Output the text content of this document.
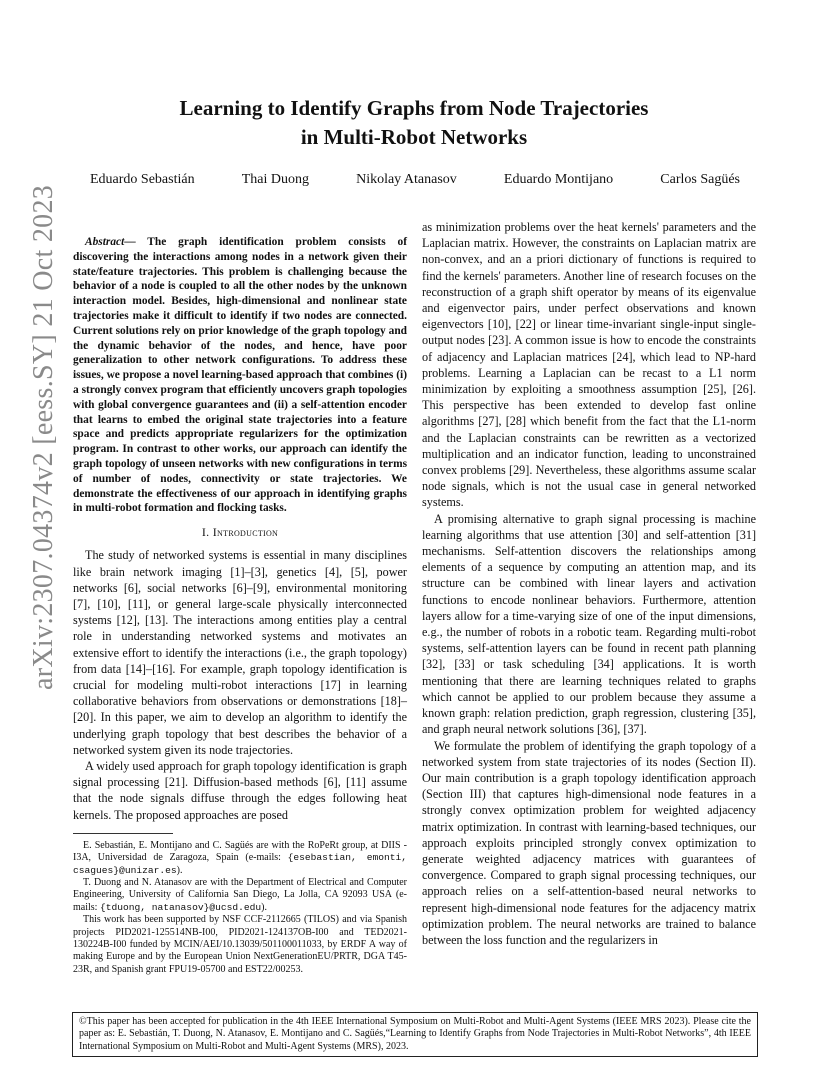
arXiv:2307.04374v2 [eess.SY] 21 Oct 2023
Learning to Identify Graphs from Node Trajectories
in Multi-Robot Networks
Eduardo Sebastián	Thai Duong	Nikolay Atanasov	Eduardo Montijano	Carlos Sagüés

Abstract— The graph identification problem consists of discovering the interactions among nodes in a network given their state/feature trajectories. This problem is challenging because the behavior of a node is coupled to all the other nodes by the unknown interaction model. Besides, high-dimensional and nonlinear state trajectories make it difficult to identify if two nodes are connected. Current solutions rely on prior knowledge of the graph topology and the dynamic behavior of the nodes, and hence, have poor generalization to other network configurations. To address these issues, we propose a novel learning-based approach that combines (i) a strongly convex program that efficiently uncovers graph topologies with global convergence guarantees and (ii) a self-attention encoder that learns to embed the original state trajectories into a feature space and predicts appropriate regularizers for the optimization program. In contrast to other works, our approach can identify the graph topology of unseen networks with new configurations in terms of number of nodes, connectivity or state trajectories. We demonstrate the effectiveness of our approach in identifying graphs in multi-robot formation and flocking tasks.

I. Introduction

The study of networked systems is essential in many disciplines like brain network imaging [1]–[3], genetics [4], [5], power networks [6], social networks [6]–[9], environmental monitoring [7], [10], [11], or general large-scale physically interconnected systems [12], [13]. The interactions among entities play a central role in understanding networked systems and motivates an extensive effort to identify the interactions (i.e., the graph topology) from data [14]–[16]. For example, graph topology identification is crucial for modeling multi-robot interactions [17] in learning collaborative behaviors from observations or demonstrations [18]–[20]. In this paper, we aim to develop an algorithm to identify the underlying graph topology that best describes the behavior of a networked system given its node trajectories.

A widely used approach for graph topology identification is graph signal processing [21]. Diffusion-based methods [6], [11] assume that the node signals diffuse through the edges following heat kernels. The proposed approaches are posed

E. Sebastián, E. Montijano and C. Sagüés are with the RoPeRt group, at DIIS - I3A, Universidad de Zaragoza, Spain (e-mails: {esebastian, emonti, csagues}@unizar.es).

T. Duong and N. Atanasov are with the Department of Electrical and Computer Engineering, University of California San Diego, La Jolla, CA 92093 USA (e-mails: {tduong, natanasov}@ucsd.edu).

This work has been supported by NSF CCF-2112665 (TILOS) and via Spanish projects PID2021-125514NB-I00, PID2021-124137OB-I00 and TED2021-130224B-I00 funded by MCIN/AEI/10.13039/501100011033, by ERDF A way of making Europe and by the European Union NextGenerationEU/PRTR, DGA T45-23R, and Spanish grant FPU19-05700 and EST22/00253.

as minimization problems over the heat kernels' parameters and the Laplacian matrix. However, the constraints on Laplacian matrix are non-convex, and an a priori dictionary of functions is required to find the kernels' parameters. Another line of research focuses on the reconstruction of a graph shift operator by means of its eigenvalue and eigenvector pairs, under perfect observations and known eigenvectors [10], [22] or linear time-invariant single-input single-output nodes [23]. A common issue is how to encode the constraints of adjacency and Laplacian matrices [24], which lead to NP-hard problems. Learning a Laplacian can be recast to a L1 norm minimization by exploiting a smoothness assumption [25], [26]. This perspective has been extended to develop fast online algorithms [27], [28] which benefit from the fact that the L1-norm and the Laplacian constraints can be rewritten as a vectorized multiplication and an indicator function, leading to unconstrained convex problems [29]. Nevertheless, these algorithms assume scalar node signals, which is not the usual case in general networked systems.

A promising alternative to graph signal processing is machine learning algorithms that use attention [30] and self-attention [31] mechanisms. Self-attention discovers the relationships among elements of a sequence by computing an attention map, and its structure can be combined with linear layers and activation functions to encode nonlinear behaviors. Furthermore, attention layers allow for a time-varying size of one of the input dimensions, e.g., the number of robots in a robotic team. Regarding multi-robot systems, self-attention layers can be found in recent path planning [32], [33] or task scheduling [34] applications. It is worth mentioning that there are learning techniques related to graphs which cannot be applied to our problem because they assume a known graph: relation prediction, graph regression, clustering [35], and graph neural network solutions [36], [37].

We formulate the problem of identifying the graph topology of a networked system from state trajectories of its nodes (Section II). Our main contribution is a graph topology identification approach (Section III) that captures high-dimensional node features in a strongly convex optimization problem for weighted adjacency matrix optimization. In contrast with learning-based techniques, our approach exploits principled strongly convex optimization to generate weighted adjacency matrices with guarantees of convergence. Compared to graph signal processing techniques, our approach relies on a self-attention-based neural networks to represent high-dimensional node features for the adjacency matrix optimization problem. The neural networks are trained to balance between the loss function and the regularizers in

©This paper has been accepted for publication in the 4th IEEE International Symposium on Multi-Robot and Multi-Agent Systems (IEEE MRS 2023). Please cite the paper as: E. Sebastián, T. Duong, N. Atanasov, E. Montijano and C. Sagüés,“Learning to Identify Graphs from Node Trajectories in Multi-Robot Networks”, 4th IEEE International Symposium on Multi-Robot and Multi-Agent Systems (MRS), 2023.
